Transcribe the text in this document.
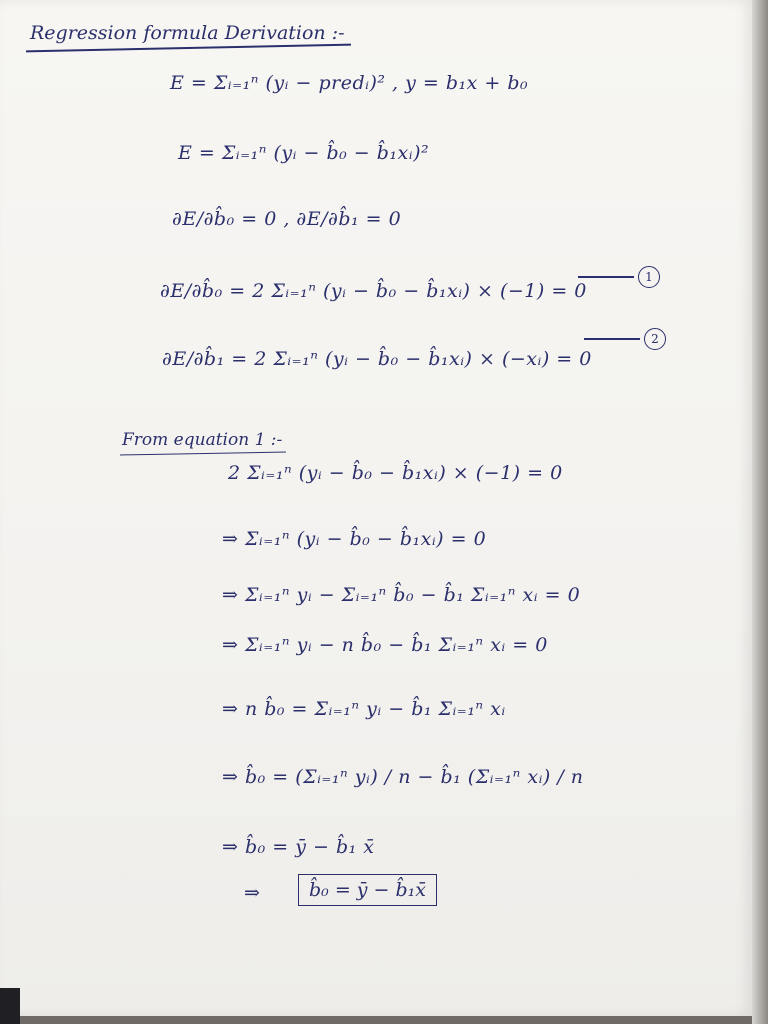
Regression formula Derivation :-
E = Σᵢ₌₁ⁿ (yᵢ − predᵢ)² , y = b₁x + b₀
E = Σᵢ₌₁ⁿ (yᵢ − b̂₀ − b̂₁xᵢ)²
∂E/∂b̂₀ = 0 , ∂E/∂b̂₁ = 0
∂E/∂b̂₀ = 2 Σᵢ₌₁ⁿ (yᵢ − b̂₀ − b̂₁xᵢ) × (−1) = 0
1
∂E/∂b̂₁ = 2 Σᵢ₌₁ⁿ (yᵢ − b̂₀ − b̂₁xᵢ) × (−xᵢ) = 0
2
From equation 1 :-
2 Σᵢ₌₁ⁿ (yᵢ − b̂₀ − b̂₁xᵢ) × (−1) = 0
⇒ Σᵢ₌₁ⁿ (yᵢ − b̂₀ − b̂₁xᵢ) = 0
⇒ Σᵢ₌₁ⁿ yᵢ − Σᵢ₌₁ⁿ b̂₀ − b̂₁ Σᵢ₌₁ⁿ xᵢ = 0
⇒ Σᵢ₌₁ⁿ yᵢ − n b̂₀ − b̂₁ Σᵢ₌₁ⁿ xᵢ = 0
⇒ n b̂₀ = Σᵢ₌₁ⁿ yᵢ − b̂₁ Σᵢ₌₁ⁿ xᵢ
⇒ b̂₀ = (Σᵢ₌₁ⁿ yᵢ) / n − b̂₁ (Σᵢ₌₁ⁿ xᵢ) / n
⇒ b̂₀ = ȳ − b̂₁ x̄
⇒	b̂₀ = ȳ − b̂₁x̄
